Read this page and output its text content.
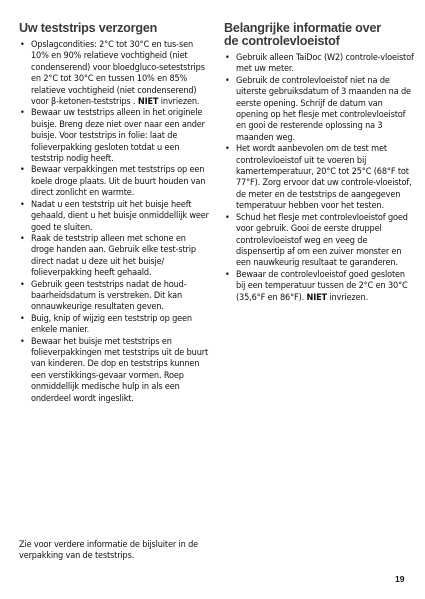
Uw teststrips verzorgen
• Opslagcondities: 2°C tot 30°C en tus-sen 10% en 90% relatieve vochtigheid (niet condenserend) voor bloedgluco-seteststrips en 2°C tot 30°C en tussen 10% en 85% relatieve vochtigheid (niet condenserend) voor β-ketonen-teststrips . NIET invriezen.
• Bewaar uw teststrips alleen in het originele buisje. Breng deze niet over naar een ander buisje. Voor teststrips in folie: laat de folieverpakking gesloten totdat u een teststrip nodig heeft.
• Bewaar verpakkingen met teststrips op een koele droge plaats. Uit de buurt houden van direct zonlicht en warmte.
• Nadat u een teststrip uit het buisje heeft gehaald, dient u het buisje onmiddellijk weer goed te sluiten.
• Raak de teststrip alleen met schone en droge handen aan. Gebruik elke test-strip direct nadat u deze uit het buisje/ folieverpakking heeft gehaald.
• Gebruik geen teststrips nadat de houd-baarheidsdatum is verstreken. Dit kan onnauwkeurige resultaten geven.
• Buig, knip of wijzig een teststrip op geen enkele manier.
• Bewaar het buisje met teststrips en folieverpakkingen met teststrips uit de buurt van kinderen. De dop en teststrips kunnen een verstikkings-gevaar vormen. Roep onmiddellijk medische hulp in als een onderdeel wordt ingeslikt.
Belangrijke informatie over
de controlevloeistof
• Gebruik alleen TaiDoc (W2) controle-vloeistof met uw meter.
• Gebruik de controlevloeistof niet na de uiterste gebruiksdatum of 3 maanden na de eerste opening. Schrijf de datum van opening op het flesje met controlevloeistof en gooi de resterende oplossing na 3 maanden weg.
• Het wordt aanbevolen om de test met controlevloeistof uit te voeren bij kamertemperatuur, 20°C tot 25°C (68°F tot 77°F). Zorg ervoor dat uw controle-vloeistof, de meter en de teststrips de aangegeven temperatuur hebben voor het testen.
• Schud het flesje met controlevloeistof goed voor gebruik. Gooi de eerste druppel controlevloeistof weg en veeg de dispensertip af om een zuiver monster en een nauwkeurig resultaat te garanderen.
• Bewaar de controlevloeistof goed gesloten bij een temperatuur tussen de 2°C en 30°C (35,6°F en 86°F). NIET invriezen.
Zie voor verdere informatie de bijsluiter in de verpakking van de teststrips.
19
